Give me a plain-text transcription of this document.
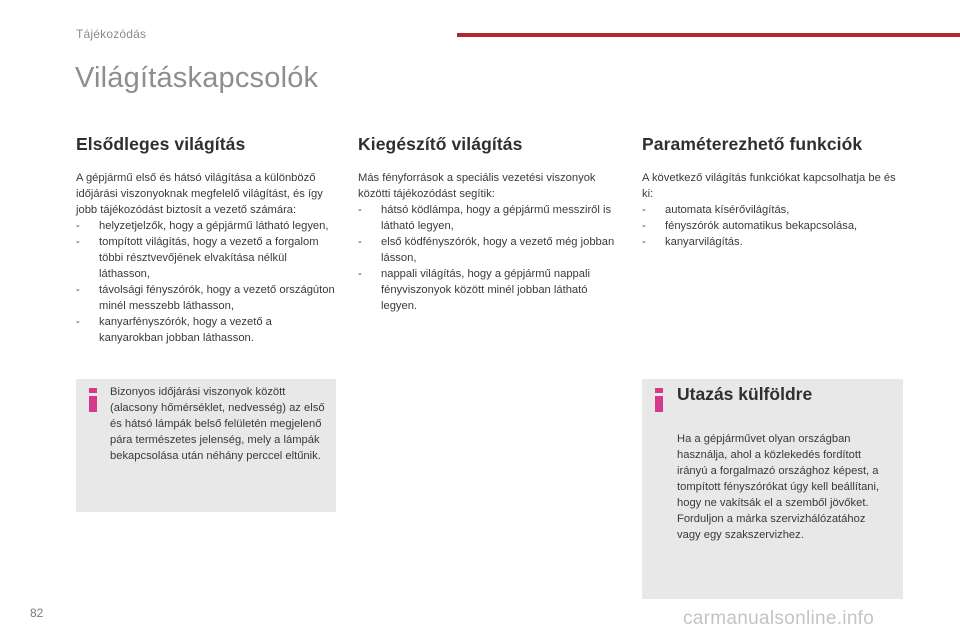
Tájékozódás
Világításkapcsolók
Elsődleges világítás

A gépjármű első és hátsó világítása a különböző időjárási viszonyoknak megfelelő világítást, és így jobb tájékozódást biztosít a vezető számára:

-	helyzetjelzők, hogy a gépjármű látható legyen,
-	tompított világítás, hogy a vezető a forgalom többi résztvevőjének elvakítása nélkül láthasson,
-	távolsági fényszórók, hogy a vezető országúton minél messzebb láthasson,
-	kanyarfényszórók, hogy a vezető a kanyarokban jobban láthasson.
Kiegészítő világítás

Más fényforrások a speciális vezetési viszonyok közötti tájékozódást segítik:

-	hátsó ködlámpa, hogy a gépjármű messziről is látható legyen,
-	első ködfényszórók, hogy a vezető még jobban lásson,
-	nappali világítás, hogy a gépjármű nappali fényviszonyok között minél jobban látható legyen.
Paraméterezhető funkciók

A következő világítás funkciókat kapcsolhatja be és ki:

-	automata kísérővilágítás,
-	fényszórók automatikus bekapcsolása,
-	kanyarvilágítás.

Bizonyos időjárási viszonyok között (alacsony hőmérséklet, nedvesség) az első és hátsó lámpák belső felületén megjelenő pára természetes jelenség, mely a lámpák bekapcsolása után néhány perccel eltűnik.

Utazás külföldre
Ha a gépjárművet olyan országban használja, ahol a közlekedés fordított irányú a forgalmazó országhoz képest, a tompított fényszórókat úgy kell beállítani, hogy ne vakítsák el a szemből jövőket.
Forduljon a márka szervizhálózatához vagy egy szakszervizhez.
82	carmanualsonline.info
